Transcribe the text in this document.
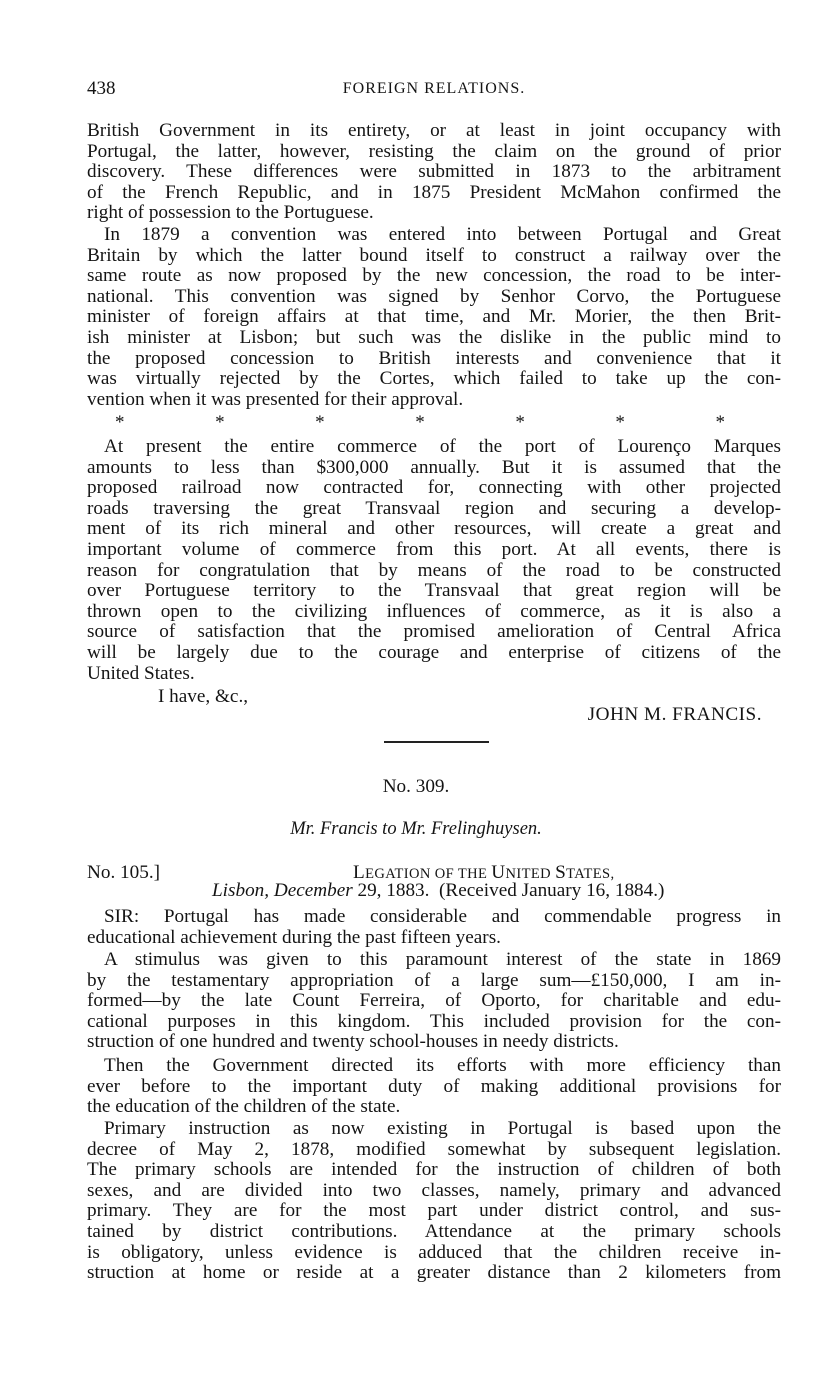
438	FOREIGN RELATIONS.
British Government in its entirety, or at least in joint occupancy with
Portugal, the latter, however, resisting the claim on the ground of prior
discovery. These differences were submitted in 1873 to the arbitrament
of the French Republic, and in 1875 President McMahon confirmed the
right of possession to the Portuguese.
In 1879 a convention was entered into between Portugal and Great
Britain by which the latter bound itself to construct a railway over the
same route as now proposed by the new concession, the road to be inter-
national. This convention was signed by Senhor Corvo, the Portuguese
minister of foreign affairs at that time, and Mr. Morier, the then Brit-
ish minister at Lisbon; but such was the dislike in the public mind to
the proposed concession to British interests and convenience that it
was virtually rejected by the Cortes, which failed to take up the con-
vention when it was presented for their approval.
*	*	*	*	*	*	*
At present the entire commerce of the port of Lourenço Marques
amounts to less than $300,000 annually. But it is assumed that the
proposed railroad now contracted for, connecting with other projected
roads traversing the great Transvaal region and securing a develop-
ment of its rich mineral and other resources, will create a great and
important volume of commerce from this port. At all events, there is
reason for congratulation that by means of the road to be constructed
over Portuguese territory to the Transvaal that great region will be
thrown open to the civilizing influences of commerce, as it is also a
source of satisfaction that the promised amelioration of Central Africa
will be largely due to the courage and enterprise of citizens of the
United States.
I have, &c.,
JOHN M. FRANCIS.
No. 309.
Mr. Francis to Mr. Frelinghuysen.
No. 105.]	LEGATION OF THE UNITED STATES,
Lisbon, December 29, 1883. (Received January 16, 1884.)
SIR: Portugal has made considerable and commendable progress in
educational achievement during the past fifteen years.
A stimulus was given to this paramount interest of the state in 1869
by the testamentary appropriation of a large sum—£150,000, I am in-
formed—by the late Count Ferreira, of Oporto, for charitable and edu-
cational purposes in this kingdom. This included provision for the con-
struction of one hundred and twenty school-houses in needy districts.
Then the Government directed its efforts with more efficiency than
ever before to the important duty of making additional provisions for
the education of the children of the state.
Primary instruction as now existing in Portugal is based upon the
decree of May 2, 1878, modified somewhat by subsequent legislation.
The primary schools are intended for the instruction of children of both
sexes, and are divided into two classes, namely, primary and advanced
primary. They are for the most part under district control, and sus-
tained by district contributions. Attendance at the primary schools
is obligatory, unless evidence is adduced that the children receive in-
struction at home or reside at a greater distance than 2 kilometers from
